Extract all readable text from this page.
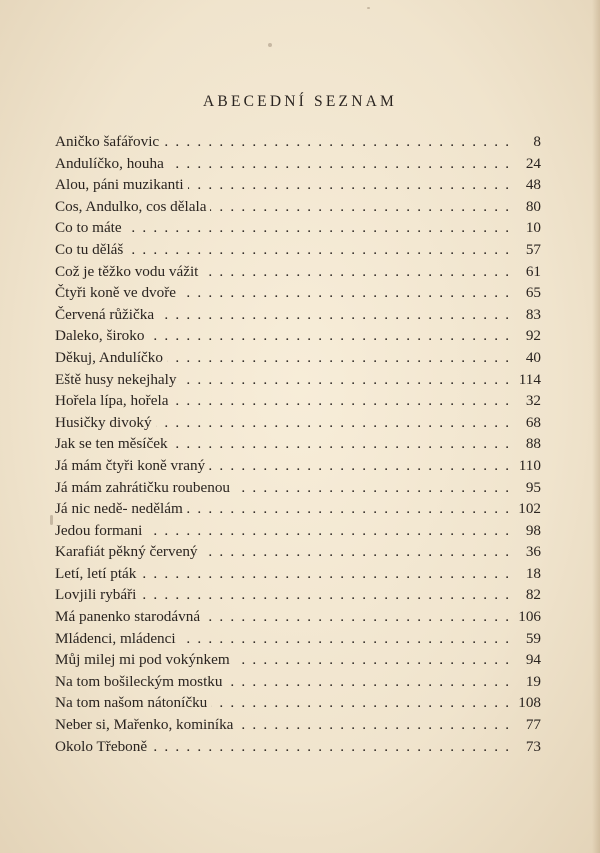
ABECEDNÍ SEZNAM
Aničko šafářovic . . .	8
Andulíčko, houha . . .	24
Alou, páni muzikanti . . .	48
Cos, Andulko, cos dělala . . .	80
Co to máte . . .	10
Co tu děláš . . .	57
Což je těžko vodu vážit . . .	61
Čtyři koně ve dvoře . . .	65
Červená růžička . . .	83
Daleko, široko . . .	92
Děkuj, Andulíčko . . .	40
Eště husy nekejhaly . . .	114
Hořela lípa, hořela . . .	32
Husičky divoký . . .	68
Jak se ten měsíček . . .	88
Já mám čtyři koně vraný . . .	110
Já mám zahrátičku roubenou . . .	95
Já nic nedě- nedělám . . .	102
Jedou formani . . .	98
Karafiát pěkný červený . . .	36
Letí, letí pták . . .	18
Lovjili rybáři . . .	82
Má panenko starodávná . . .	106
Mládenci, mládenci . . .	59
Můj milej mi pod vokýnkem . . .	94
Na tom bošileckým mostku . . .	19
Na tom našom nátoníčku . . .	108
Neber si, Mařenko, kominíka . . .	77
Okolo Třeboně . . .	73
